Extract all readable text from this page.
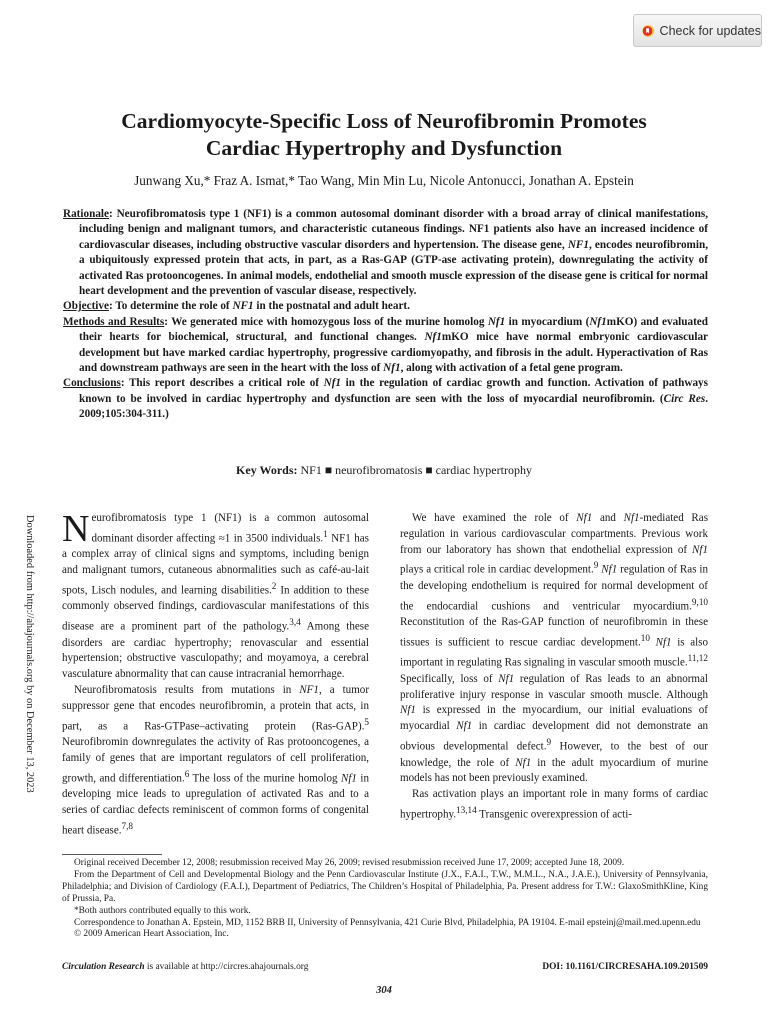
Check for updates
Cardiomyocyte-Specific Loss of Neurofibromin Promotes
Cardiac Hypertrophy and Dysfunction

Junwang Xu,* Fraz A. Ismat,* Tao Wang, Min Min Lu, Nicole Antonucci, Jonathan A. Epstein

Rationale: Neurofibromatosis type 1 (NF1) is a common autosomal dominant disorder with a broad array of clinical manifestations, including benign and malignant tumors, and characteristic cutaneous findings. NF1 patients also have an increased incidence of cardiovascular diseases, including obstructive vascular disorders and hypertension. The disease gene, NF1, encodes neurofibromin, a ubiquitously expressed protein that acts, in part, as a Ras-GAP (GTP-ase activating protein), downregulating the activity of activated Ras protooncogenes. In animal models, endothelial and smooth muscle expression of the disease gene is critical for normal heart development and the prevention of vascular disease, respectively.

Objective: To determine the role of NF1 in the postnatal and adult heart.

Methods and Results: We generated mice with homozygous loss of the murine homolog Nf1 in myocardium (Nf1mKO) and evaluated their hearts for biochemical, structural, and functional changes. Nf1mKO mice have normal embryonic cardiovascular development but have marked cardiac hypertrophy, progressive cardiomyopathy, and fibrosis in the adult. Hyperactivation of Ras and downstream pathways are seen in the heart with the loss of Nf1, along with activation of a fetal gene program.

Conclusions: This report describes a critical role of Nf1 in the regulation of cardiac growth and function. Activation of pathways known to be involved in cardiac hypertrophy and dysfunction are seen with the loss of myocardial neurofibromin. (Circ Res. 2009;105:304-311.)

Key Words: NF1 ■ neurofibromatosis ■ cardiac hypertrophy
Downloaded from http://ahajournals.org by on December 13, 2023 Neurofibromatosis type 1 (NF1) is a common autosomal dominant disorder affecting ≈1 in 3500 individuals.$^1$ NF1 has a complex array of clinical signs and symptoms, including benign and malignant tumors, cutaneous abnormalities such as café-au-lait spots, Lisch nodules, and learning disabilities.$^2$ In addition to these commonly observed findings, cardiovascular manifestations of this disease are a prominent part of the pathology.$^{3,4}$ Among these disorders are cardiac hypertrophy; renovascular and essential hypertension; obstructive vasculopathy; and moyamoya, a cerebral vasculature abnormality that can cause intracranial hemorrhage.

Neurofibromatosis results from mutations in NF1, a tumor suppressor gene that encodes neurofibromin, a protein that acts, in part, as a Ras-GTPase–activating protein (Ras-GAP).$^5$ Neurofibromin downregulates the activity of Ras protooncogenes, a family of genes that are important regulators of cell proliferation, growth, and differentiation.$^6$ The loss of the murine homolog Nf1 in developing mice leads to upregulation of activated Ras and to a series of cardiac defects reminiscent of common forms of congenital heart disease.$^{7,8}$

We have examined the role of Nf1 and Nf1-mediated Ras regulation in various cardiovascular compartments. Previous work from our laboratory has shown that endothelial expression of Nf1 plays a critical role in cardiac development.$^9$ Nf1 regulation of Ras in the developing endothelium is required for normal development of the endocardial cushions and ventricular myocardium.$^{9,10}$ Reconstitution of the Ras-GAP function of neurofibromin in these tissues is sufficient to rescue cardiac development.$^{10}$ Nf1 is also important in regulating Ras signaling in vascular smooth muscle.$^{11,12}$ Specifically, loss of Nf1 regulation of Ras leads to an abnormal proliferative injury response in vascular smooth muscle. Although Nf1 is expressed in the myocardium, our initial evaluations of myocardial Nf1 in cardiac development did not demonstrate an obvious developmental defect.$^9$ However, to the best of our knowledge, the role of Nf1 in the adult myocardium of murine models has not been previously examined.

Ras activation plays an important role in many forms of cardiac hypertrophy.$^{13,14}$ Transgenic overexpression of acti-

Original received December 12, 2008; resubmission received May 26, 2009; revised resubmission received June 17, 2009; accepted June 18, 2009.

From the Department of Cell and Developmental Biology and the Penn Cardiovascular Institute (J.X., F.A.I., T.W., M.M.L., N.A., J.A.E.), University of Pennsylvania, Philadelphia; and Division of Cardiology (F.A.I.), Department of Pediatrics, The Children’s Hospital of Philadelphia, Pa. Present address for T.W.: GlaxoSmithKline, King of Prussia, Pa.

*Both authors contributed equally to this work.

Correspondence to Jonathan A. Epstein, MD, 1152 BRB II, University of Pennsylvania, 421 Curie Blvd, Philadelphia, PA 19104. E-mail epsteinj@mail.med.upenn.edu

© 2009 American Heart Association, Inc.

Circulation Research is available at http://circres.ahajournals.org	DOI: 10.1161/CIRCRESAHA.109.201509
304
